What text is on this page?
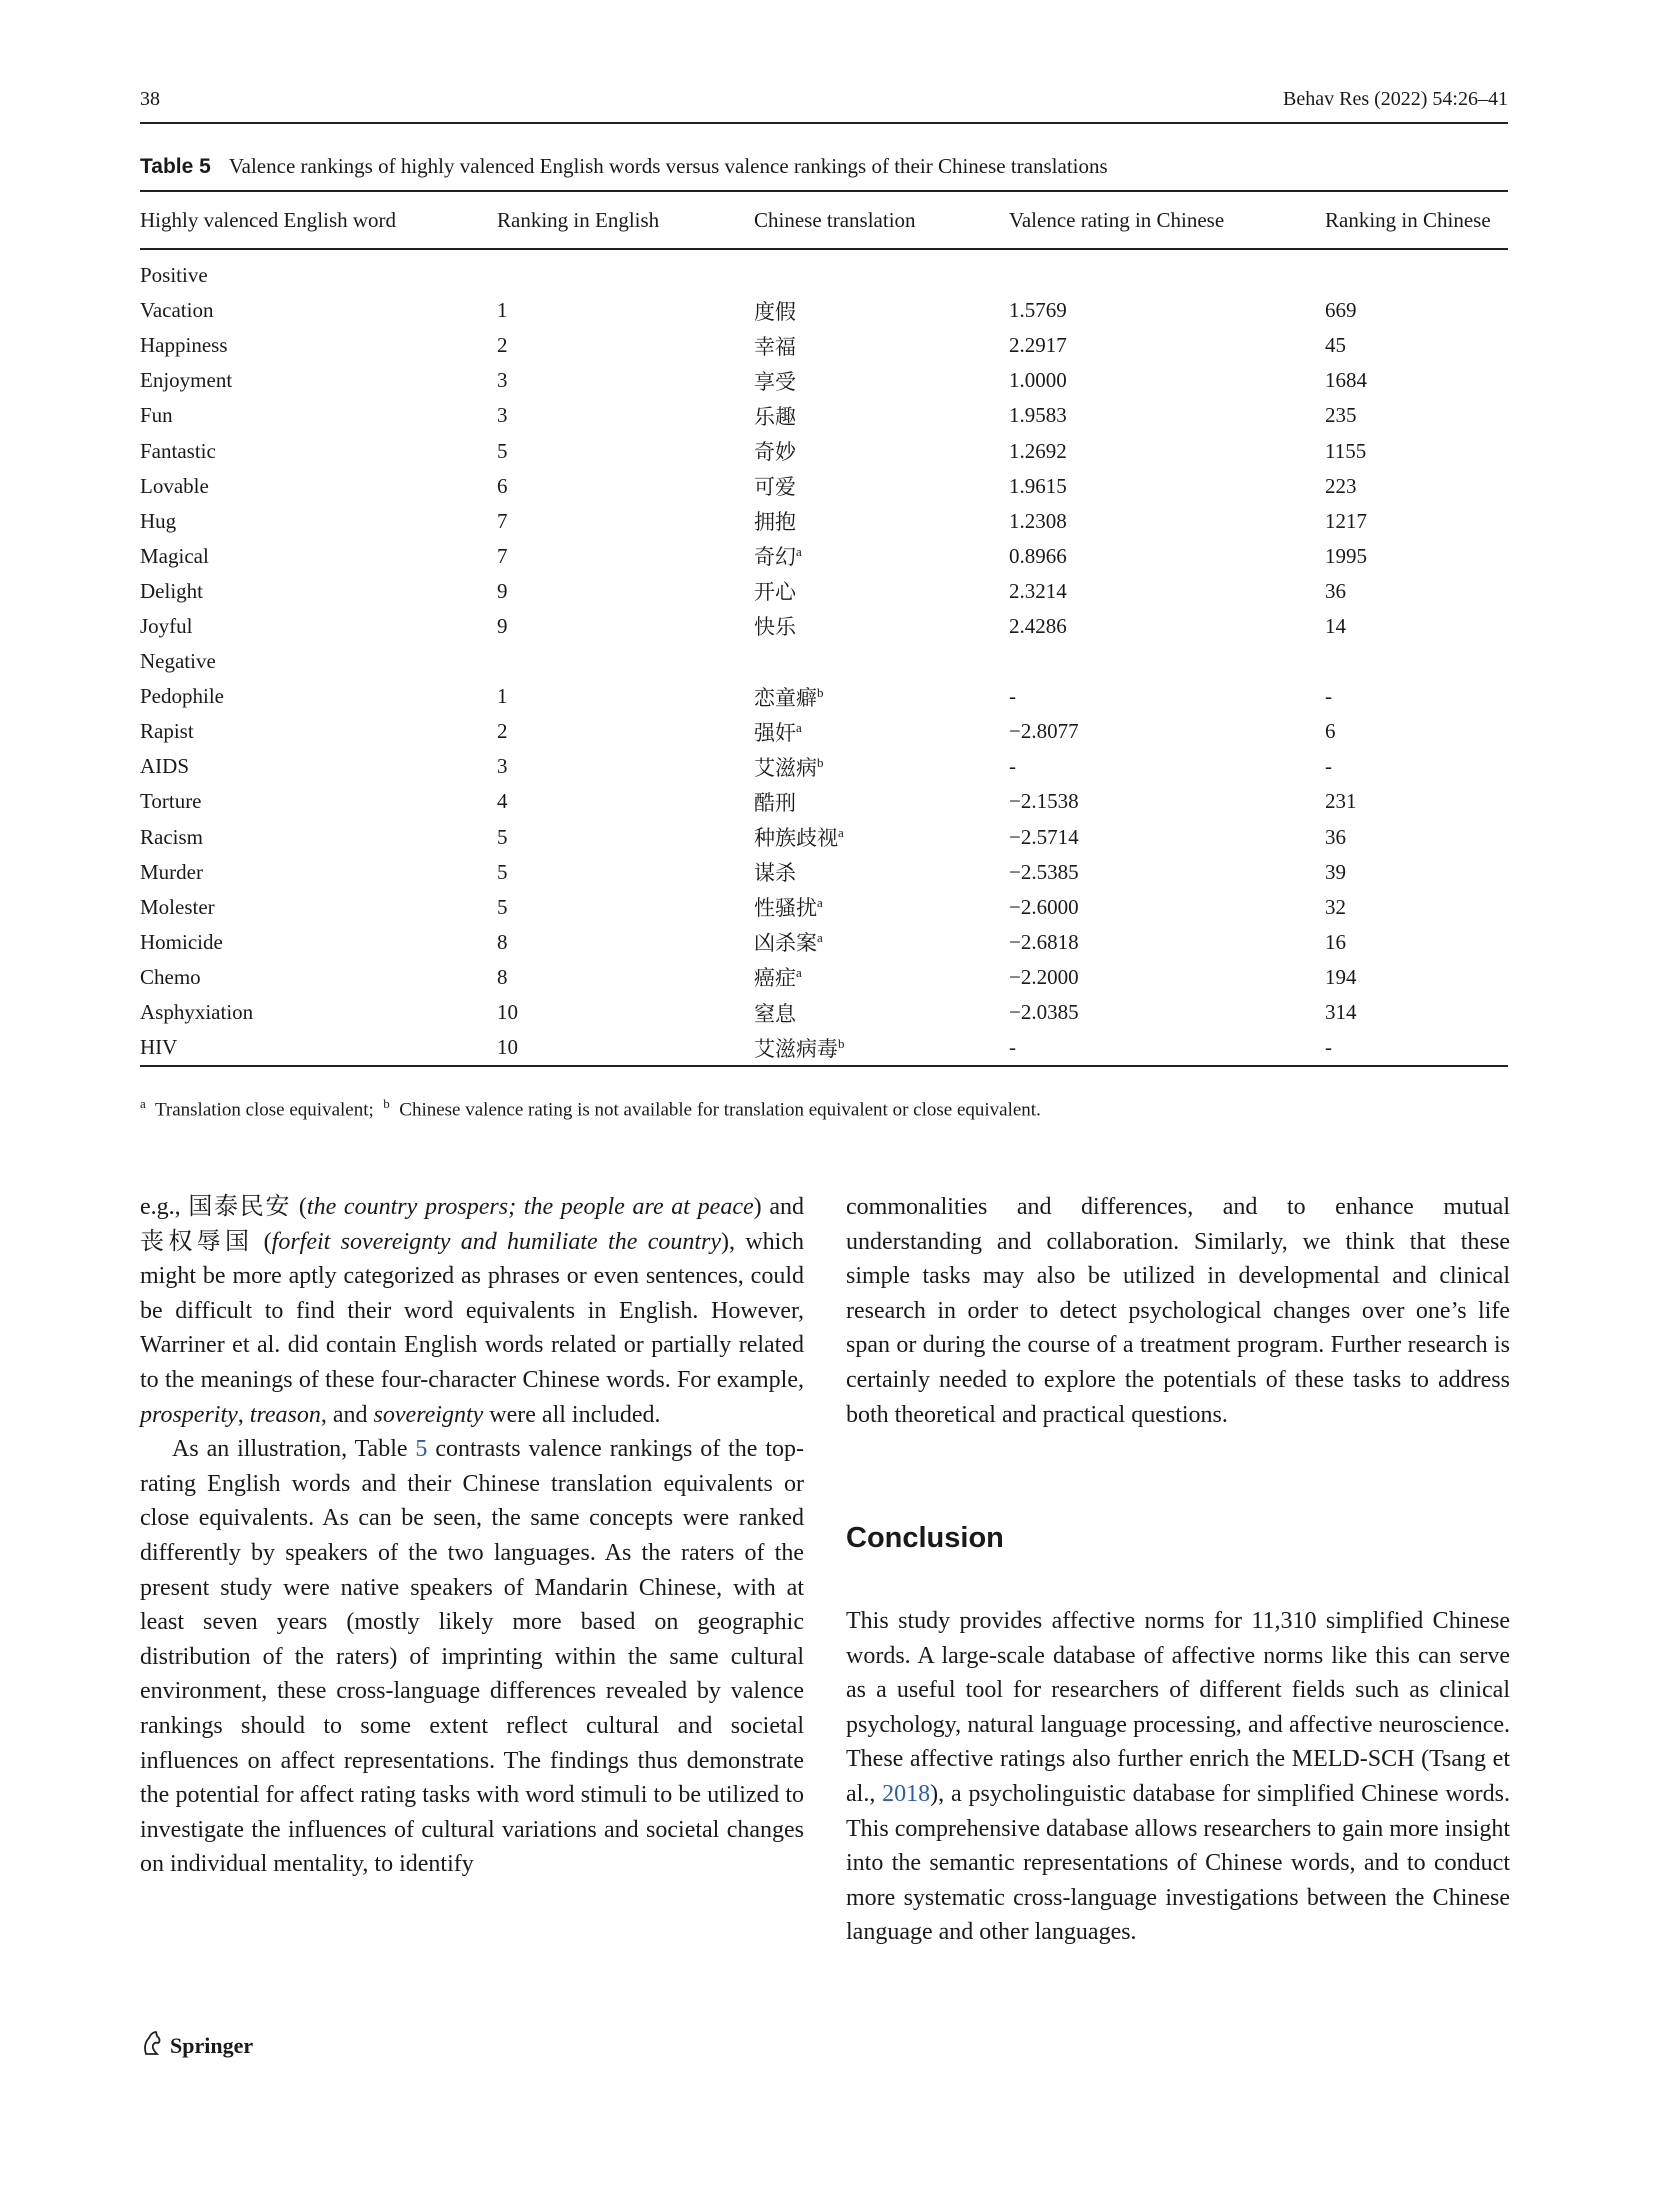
38	Behav Res (2022) 54:26–41
Table 5 Valence rankings of highly valenced English words versus valence rankings of their Chinese translations
Highly valenced English word	Ranking in English	Chinese translation	Valence rating in Chinese	Ranking in Chinese
Positive				
Vacation	1	度假	1.5769	669
Happiness	2	幸福	2.2917	45
Enjoyment	3	享受	1.0000	1684
Fun	3	乐趣	1.9583	235
Fantastic	5	奇妙	1.2692	1155
Lovable	6	可爱	1.9615	223
Hug	7	拥抱	1.2308	1217
Magical	7	奇幻$^a$	0.8966	1995
Delight	9	开心	2.3214	36
Joyful	9	快乐	2.4286	14
Negative				
Pedophile	1	恋童癖$^b$	-	-
Rapist	2	强奸$^a$	−2.8077	6
AIDS	3	艾滋病$^b$	-	-
Torture	4	酷刑	−2.1538	231
Racism	5	种族歧视$^a$	−2.5714	36
Murder	5	谋杀	−2.5385	39
Molester	5	性骚扰$^a$	−2.6000	32
Homicide	8	凶杀案$^a$	−2.6818	16
Chemo	8	癌症$^a$	−2.2000	194
Asphyxiation	10	窒息	−2.0385	314
HIV	10	艾滋病毒$^b$	-	-
$^a$ Translation close equivalent; $^b$ Chinese valence rating is not available for translation equivalent or close equivalent.

e.g., 国泰民安 (the country prospers; the people are at peace) and 丧权辱国 (forfeit sovereignty and humiliate the country), which might be more aptly categorized as phrases or even sentences, could be difficult to find their word equivalents in English. However, Warriner et al. did contain English words related or partially related to the meanings of these four-character Chinese words. For example, prosperity, treason, and sovereignty were all included.

As an illustration, Table 5 contrasts valence rankings of the top-rating English words and their Chinese translation equivalents or close equivalents. As can be seen, the same concepts were ranked differently by speakers of the two languages. As the raters of the present study were native speakers of Mandarin Chinese, with at least seven years (mostly likely more based on geographic distribution of the raters) of imprinting within the same cultural environment, these cross-language differences revealed by valence rankings should to some extent reflect cultural and societal influences on affect representations. The findings thus demonstrate the potential for affect rating tasks with word stimuli to be utilized to investigate the influences of cultural variations and societal changes on individual mentality, to identify

commonalities and differences, and to enhance mutual understanding and collaboration. Similarly, we think that these simple tasks may also be utilized in developmental and clinical research in order to detect psychological changes over one’s life span or during the course of a treatment program. Further research is certainly needed to explore the potentials of these tasks to address both theoretical and practical questions.

Conclusion
This study provides affective norms for 11,310 simplified Chinese words. A large-scale database of affective norms like this can serve as a useful tool for researchers of different fields such as clinical psychology, natural language processing, and affective neuroscience. These affective ratings also further enrich the MELD-SCH (Tsang et al., 2018), a psycholinguistic database for simplified Chinese words. This comprehensive database allows researchers to gain more insight into the semantic representations of Chinese words, and to conduct more systematic cross-language investigations between the Chinese language and other languages.
Springer
